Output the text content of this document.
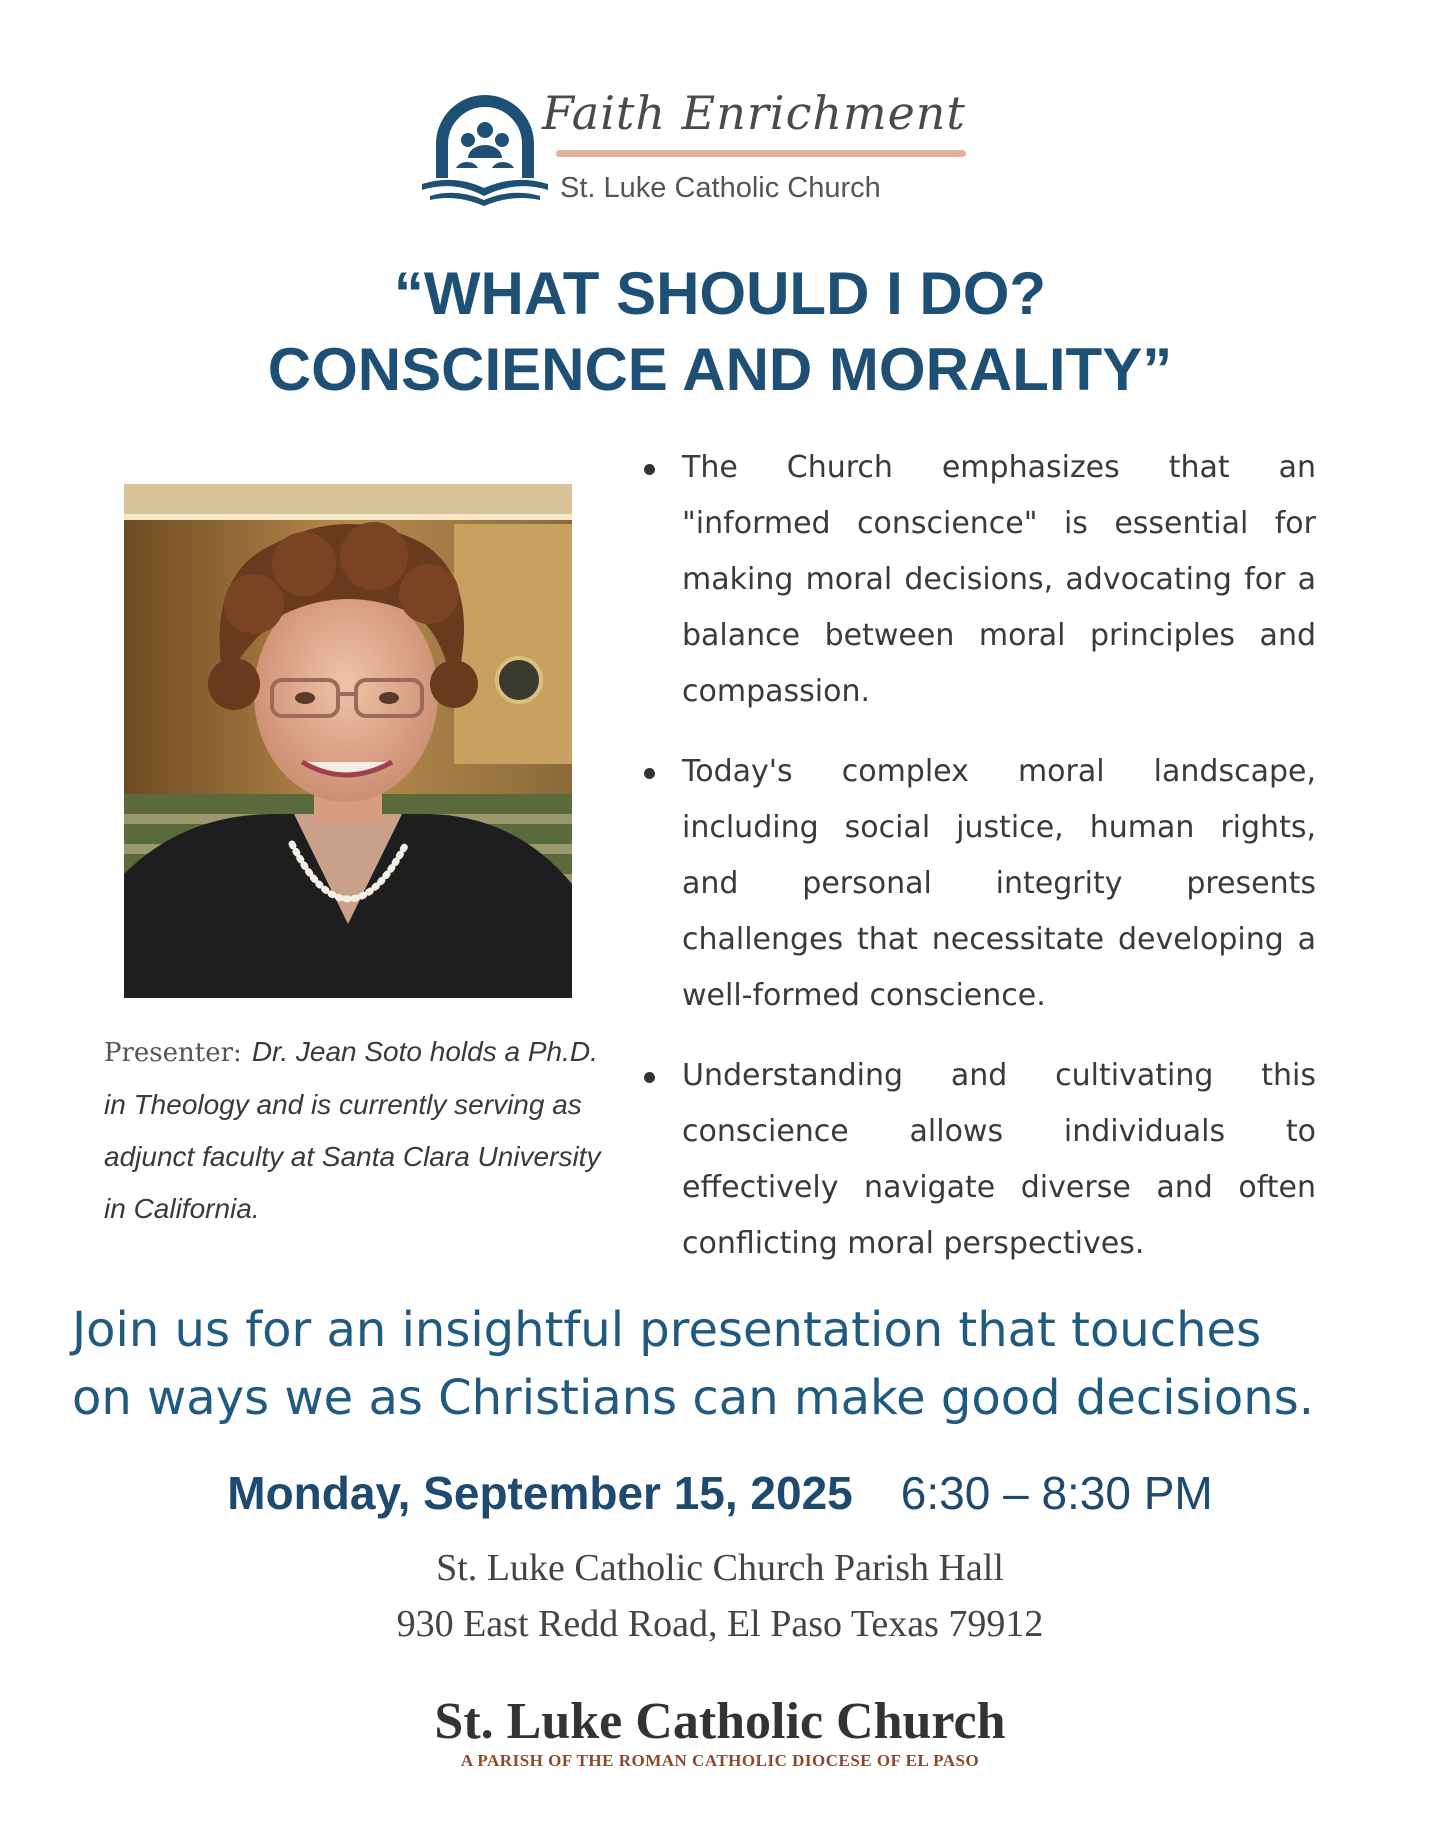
Faith Enrichment
St. Luke Catholic Church
“WHAT SHOULD I DO?
CONSCIENCE AND MORALITY”
Presenter: Dr. Jean Soto holds a Ph.D. in Theology and is currently serving as adjunct faculty at Santa Clara University in California.
The Church emphasizes that an "informed conscience" is essential for making moral decisions, advocating for a balance between moral principles and compassion.
Today's complex moral landscape, including social justice, human rights, and personal integrity presents challenges that necessitate developing a well-formed conscience.
Understanding and cultivating this conscience allows individuals to effectively navigate diverse and often conflicting moral perspectives.
Join us for an insightful presentation that touches
on ways we as Christians can make good decisions.
Monday, September 15, 2025 6:30 – 8:30 PM
St. Luke Catholic Church Parish Hall
930 East Redd Road, El Paso Texas 79912
St. Luke Catholic Church
A PARISH OF THE ROMAN CATHOLIC DIOCESE OF EL PASO
